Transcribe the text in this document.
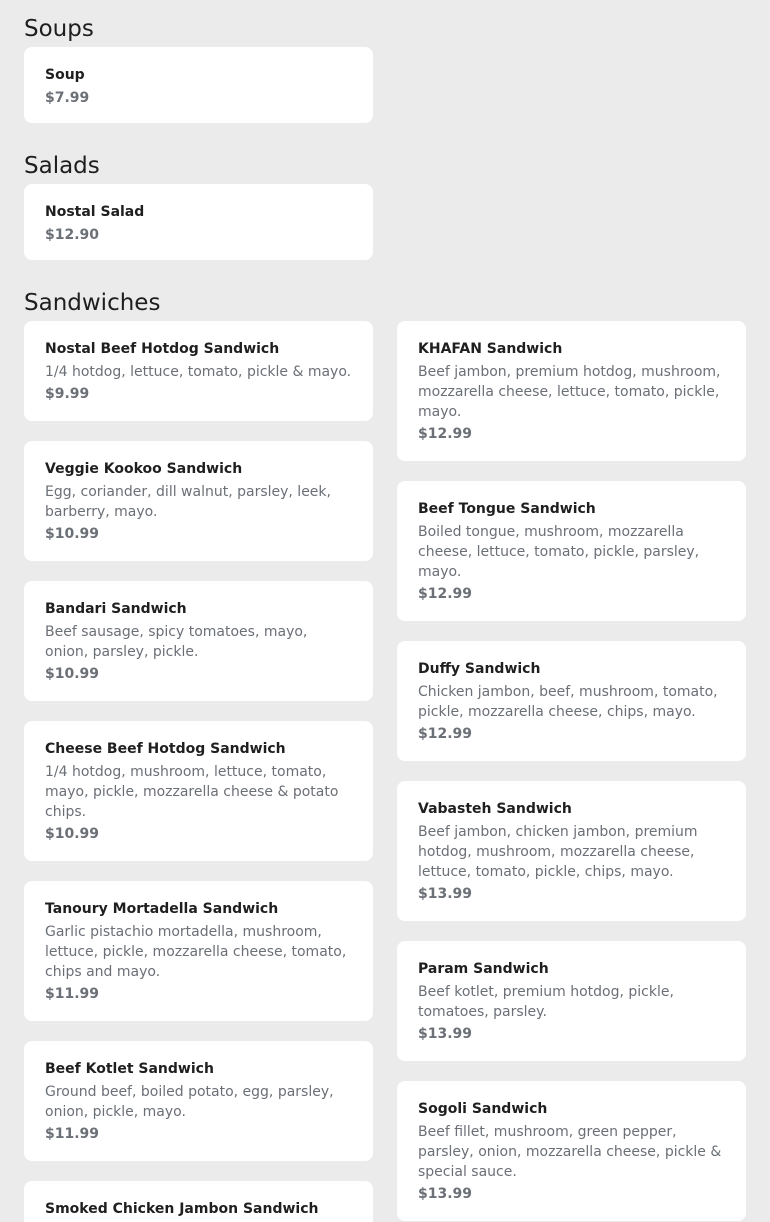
Soups

Soup

$7.99

Salads

Nostal Salad

$12.90

Sandwiches

Nostal Beef Hotdog Sandwich

1/4 hotdog, lettuce, tomato, pickle & mayo.

$9.99

Veggie Kookoo Sandwich

Egg, coriander, dill walnut, parsley, leek, barberry, mayo.

$10.99

Bandari Sandwich

Beef sausage, spicy tomatoes, mayo, onion, parsley, pickle.

$10.99

Cheese Beef Hotdog Sandwich

1/4 hotdog, mushroom, lettuce, tomato, mayo, pickle, mozzarella cheese & potato chips.

$10.99

Tanoury Mortadella Sandwich

Garlic pistachio mortadella, mushroom, lettuce, pickle, mozzarella cheese, tomato, chips and mayo.

$11.99

Beef Kotlet Sandwich

Ground beef, boiled potato, egg, parsley, onion, pickle, mayo.

$11.99

Smoked Chicken Jambon Sandwich

KHAFAN Sandwich

Beef jambon, premium hotdog, mushroom, mozzarella cheese, lettuce, tomato, pickle, mayo.

$12.99

Beef Tongue Sandwich

Boiled tongue, mushroom, mozzarella cheese, lettuce, tomato, pickle, parsley, mayo.

$12.99

Duffy Sandwich

Chicken jambon, beef, mushroom, tomato, pickle, mozzarella cheese, chips, mayo.

$12.99

Vabasteh Sandwich

Beef jambon, chicken jambon, premium hotdog, mushroom, mozzarella cheese, lettuce, tomato, pickle, chips, mayo.

$13.99

Param Sandwich

Beef kotlet, premium hotdog, pickle, tomatoes, parsley.

$13.99

Sogoli Sandwich

Beef fillet, mushroom, green pepper, parsley, onion, mozzarella cheese, pickle & special sauce.

$13.99
